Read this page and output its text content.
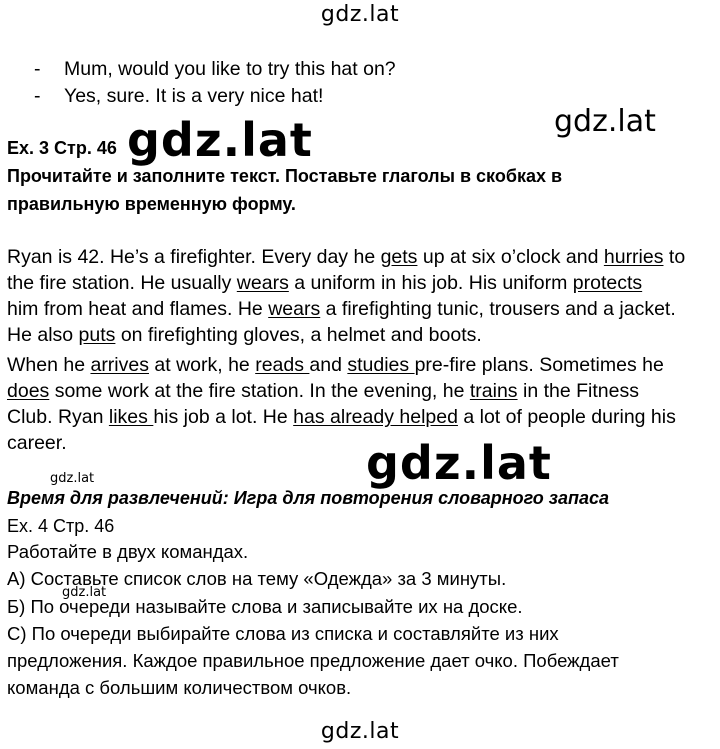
gdz.lat
- Mum, would you like to try this hat on?
- Yes, sure. It is a very nice hat!
Ex. 3 Стр. 46 gdz.lat	gdz.lat
Прочитайте и заполните текст. Поставьте глаголы в скобках в
правильную временную форму.
Ryan is 42. He’s a firefighter. Every day he gets up at six o’clock and hurries to
the fire station. He usually wears a uniform in his job. His uniform protects
him from heat and flames. He wears a firefighting tunic, trousers and a jacket.
He also puts on firefighting gloves, a helmet and boots.
When he arrives at work, he reads and studies pre-fire plans. Sometimes he
does some work at the fire station. In the evening, he trains in the Fitness
Club. Ryan likes his job a lot. He has already helped a lot of people during his
career.	gdz.lat
gdz.lat
Время для развлечений: Игра для повторения словарного запаса
Ex. 4 Стр. 46
Работайте в двух командах.
А) Составьте список слов на тему «Одежда» за 3 минуты.
Б) По очереди называйте слова и записывайте их на доске.
gdz.lat
С) По очереди выбирайте слова из списка и составляйте из них
предложения. Каждое правильное предложение дает очко. Побеждает
команда с большим количеством очков.
gdz.lat
